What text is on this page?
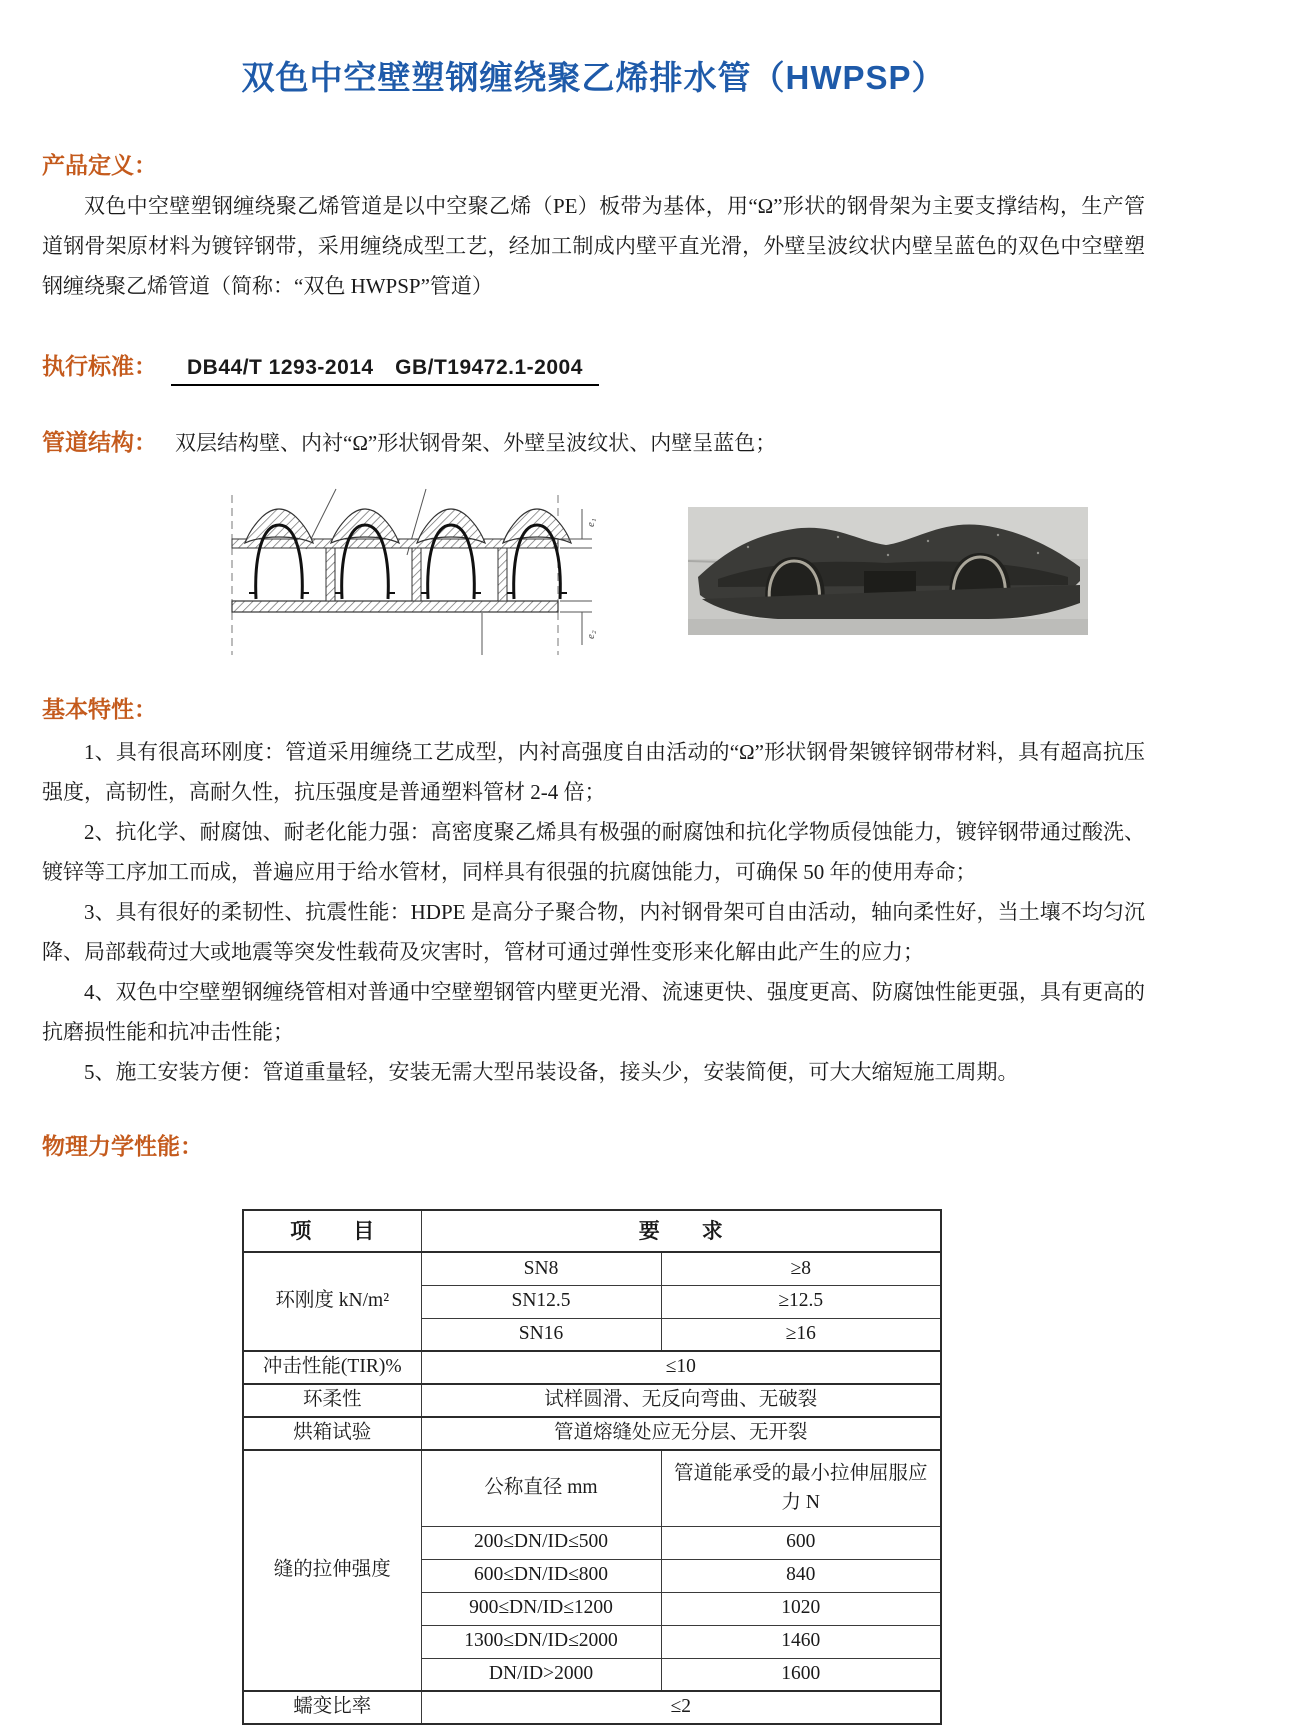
双色中空壁塑钢缠绕聚乙烯排水管（HWPSP）
产品定义：

双色中空壁塑钢缠绕聚乙烯管道是以中空聚乙烯（PE）板带为基体，用“Ω”形状的钢骨架为主要支撑结构，生产管道钢骨架原材料为镀锌钢带，采用缠绕成型工艺，经加工制成内壁平直光滑，外壁呈波纹状内壁呈蓝色的双色中空壁塑钢缠绕聚乙烯管道（简称：“双色 HWPSP”管道）

执行标准：	DB44/T 1293-2014　GB/T19472.1-2004
管道结构： 双层结构壁、内衬“Ω”形状钢骨架、外壁呈波纹状、内壁呈蓝色；
e₁
e₂
基本特性：

1、具有很高环刚度：管道采用缠绕工艺成型，内衬高强度自由活动的“Ω”形状钢骨架镀锌钢带材料，具有超高抗压强度，高韧性，高耐久性，抗压强度是普通塑料管材 2-4 倍；

2、抗化学、耐腐蚀、耐老化能力强：高密度聚乙烯具有极强的耐腐蚀和抗化学物质侵蚀能力，镀锌钢带通过酸洗、镀锌等工序加工而成，普遍应用于给水管材，同样具有很强的抗腐蚀能力，可确保 50 年的使用寿命；

3、具有很好的柔韧性、抗震性能：HDPE 是高分子聚合物，内衬钢骨架可自由活动，轴向柔性好，当土壤不均匀沉降、局部载荷过大或地震等突发性载荷及灾害时，管材可通过弹性变形来化解由此产生的应力；

4、双色中空壁塑钢缠绕管相对普通中空壁塑钢管内壁更光滑、流速更快、强度更高、防腐蚀性能更强，具有更高的抗磨损性能和抗冲击性能；

5、施工安装方便：管道重量轻，安装无需大型吊装设备，接头少，安装简便，可大大缩短施工周期。

物理力学性能：
项　　目	要　　求	
环刚度 kN/m²	SN8	≥8
	SN12.5	≥12.5
	SN16	≥16
冲击性能(TIR)%	≤10	
环柔性	试样圆滑、无反向弯曲、无破裂	
烘箱试验	管道熔缝处应无分层、无开裂	
缝的拉伸强度	公称直径 mm	管道能承受的最小拉伸屈服应力 N
	200≤DN/ID≤500	600
	600≤DN/ID≤800	840
	900≤DN/ID≤1200	1020
	1300≤DN/ID≤2000	1460
	DN/ID>2000	1600
蠕变比率	≤2	
